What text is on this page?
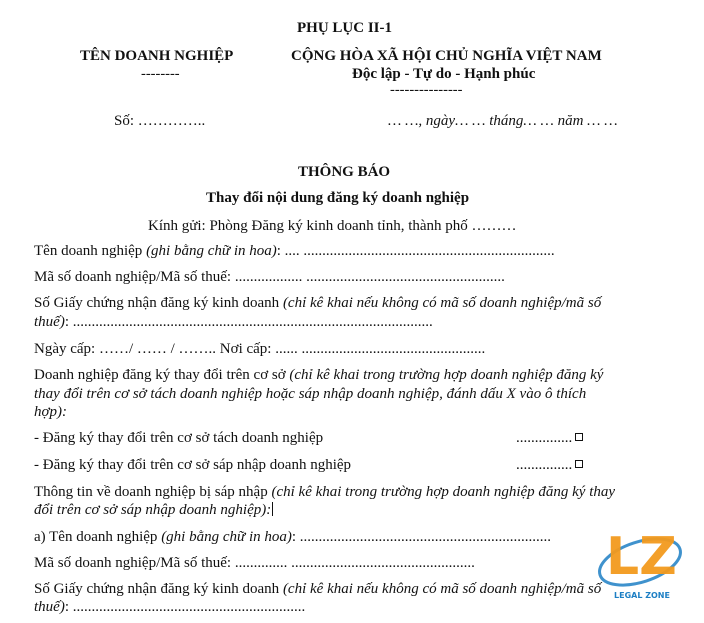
PHỤ LỤC II-1
TÊN DOANH NGHIỆP	CỘNG HÒA XÃ HỘI CHỦ NGHĨA VIỆT NAM
--------	Độc lập - Tự do - Hạnh phúc
---------------
Số: …………..	… …, ngày… … tháng… … năm … …
THÔNG BÁO
Thay đổi nội dung đăng ký doanh nghiệp
Kính gửi: Phòng Đăng ký kinh doanh tỉnh, thành phố ………
Tên doanh nghiệp (ghi bằng chữ in hoa): .... ...................................................................
Mã số doanh nghiệp/Mã số thuế: .................. .....................................................
Số Giấy chứng nhận đăng ký kinh doanh (chỉ kê khai nếu không có mã số doanh nghiệp/mã số
thuế): ................................................................................................
Ngày cấp: ……/ …… / …….. Nơi cấp: ...... .................................................
Doanh nghiệp đăng ký thay đổi trên cơ sở (chỉ kê khai trong trường hợp doanh nghiệp đăng ký
thay đổi trên cơ sở tách doanh nghiệp hoặc sáp nhập doanh nghiệp, đánh dấu X vào ô thích
hợp):
- Đăng ký thay đổi trên cơ sở tách doanh nghiệp	...............
- Đăng ký thay đổi trên cơ sở sáp nhập doanh nghiệp	...............
Thông tin về doanh nghiệp bị sáp nhập (chỉ kê khai trong trường hợp doanh nghiệp đăng ký thay
đổi trên cơ sở sáp nhập doanh nghiệp):
a) Tên doanh nghiệp (ghi bằng chữ in hoa): ...................................................................
Mã số doanh nghiệp/Mã số thuế: .............. .................................................
Số Giấy chứng nhận đăng ký kinh doanh (chỉ kê khai nếu không có mã số doanh nghiệp/mã số
thuế): ..............................................................
LZ
LEGAL ZONE
